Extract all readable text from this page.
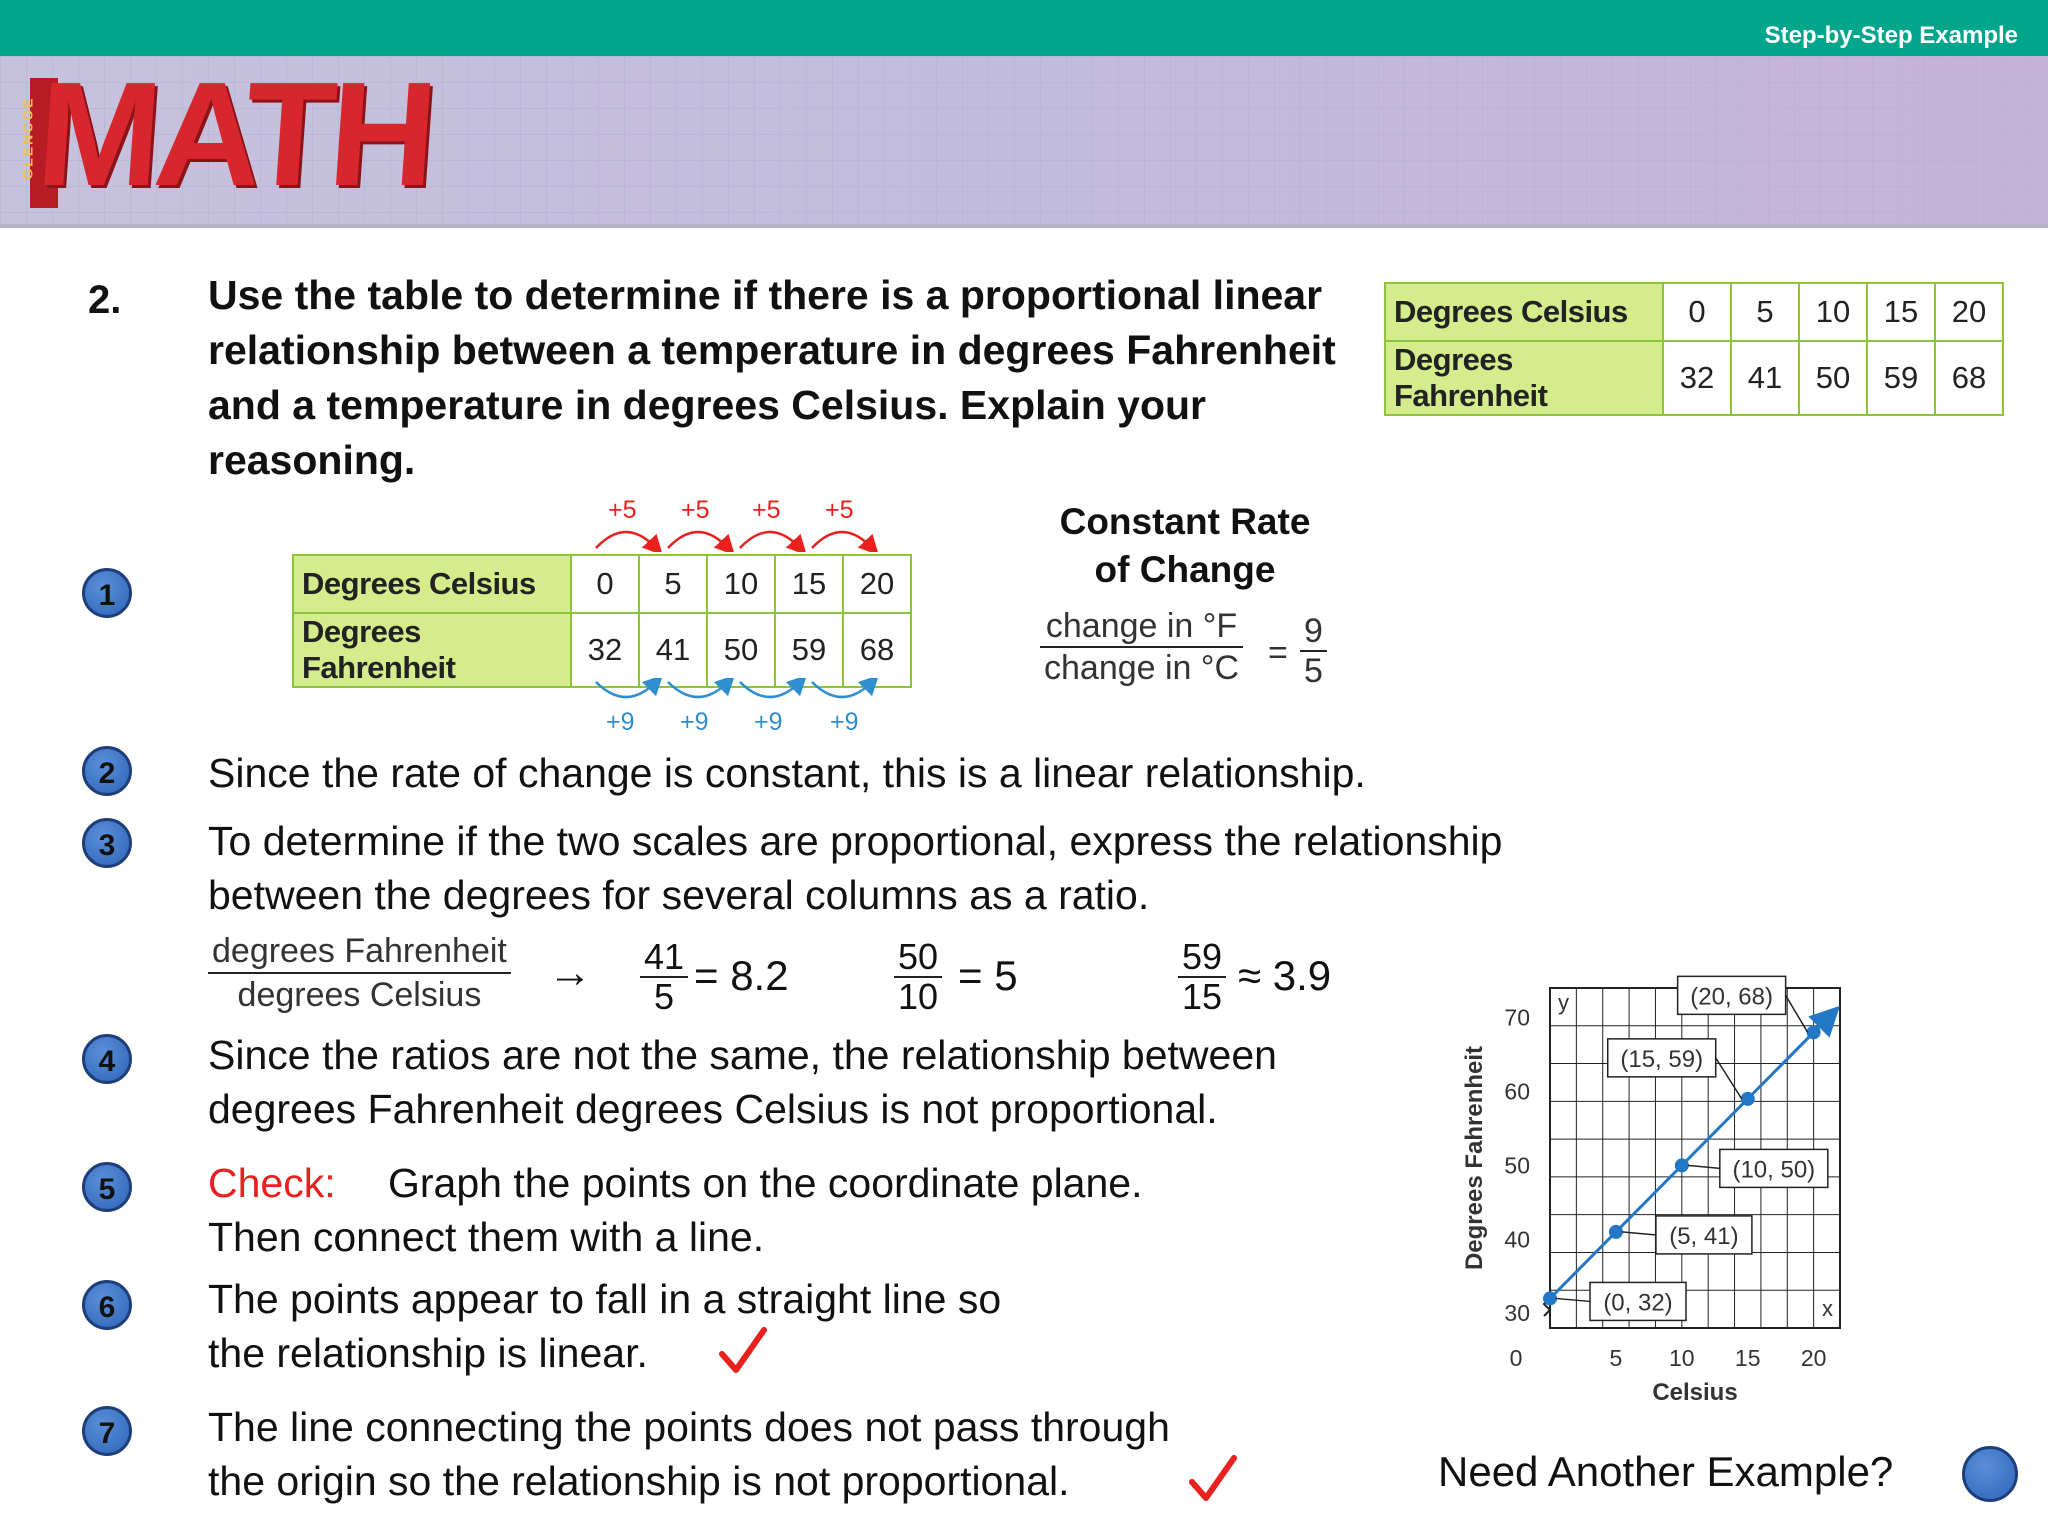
Step-by-Step Example
GLENCOE
MATH
2. Use the table to determine if there is a proportional linear relationship between a temperature in degrees Fahrenheit and a temperature in degrees Celsius. Explain your reasoning.
Degrees Celsius	0	5	10	15	20
Degrees Fahrenheit	32	41	50	59	68
1
+5 +5 +5 +5
Degrees Celsius	0	5	10	15	20
Degrees Fahrenheit	32	41	50	59	68
+9 +9 +9 +9
Constant Rate
of Change
change in °F
change in $^\circ C = \frac{9}{5}$
2	Since the rate of change is constant, this is a linear relationship.
3	To determine if the two scales are proportional, express the relationship
between the degrees for several columns as a ratio.
degrees Fahrenheit
degrees Celsius	→ $\frac{41}{5} = 8.2$	$\frac{50}{10} = 5$	$\frac{59}{15} \approx 3.9$
4	Since the ratios are not the same, the relationship between
degrees Fahrenheit degrees Celsius is not proportional.
5	Check: Graph the points on the coordinate plane.
Then connect them with a line.
6	The points appear to fall in a straight line so
the relationship is linear.
7	The line connecting the points does not pass through
the origin so the relationship is not proportional.
0	5 10 15 20
30
40
50
60
70
Celsius
Degrees Fahrenheit
y
x
(0, 32)
(5, 41)
(10, 50)
(15, 59)
(20, 68)
Need Another Example?
